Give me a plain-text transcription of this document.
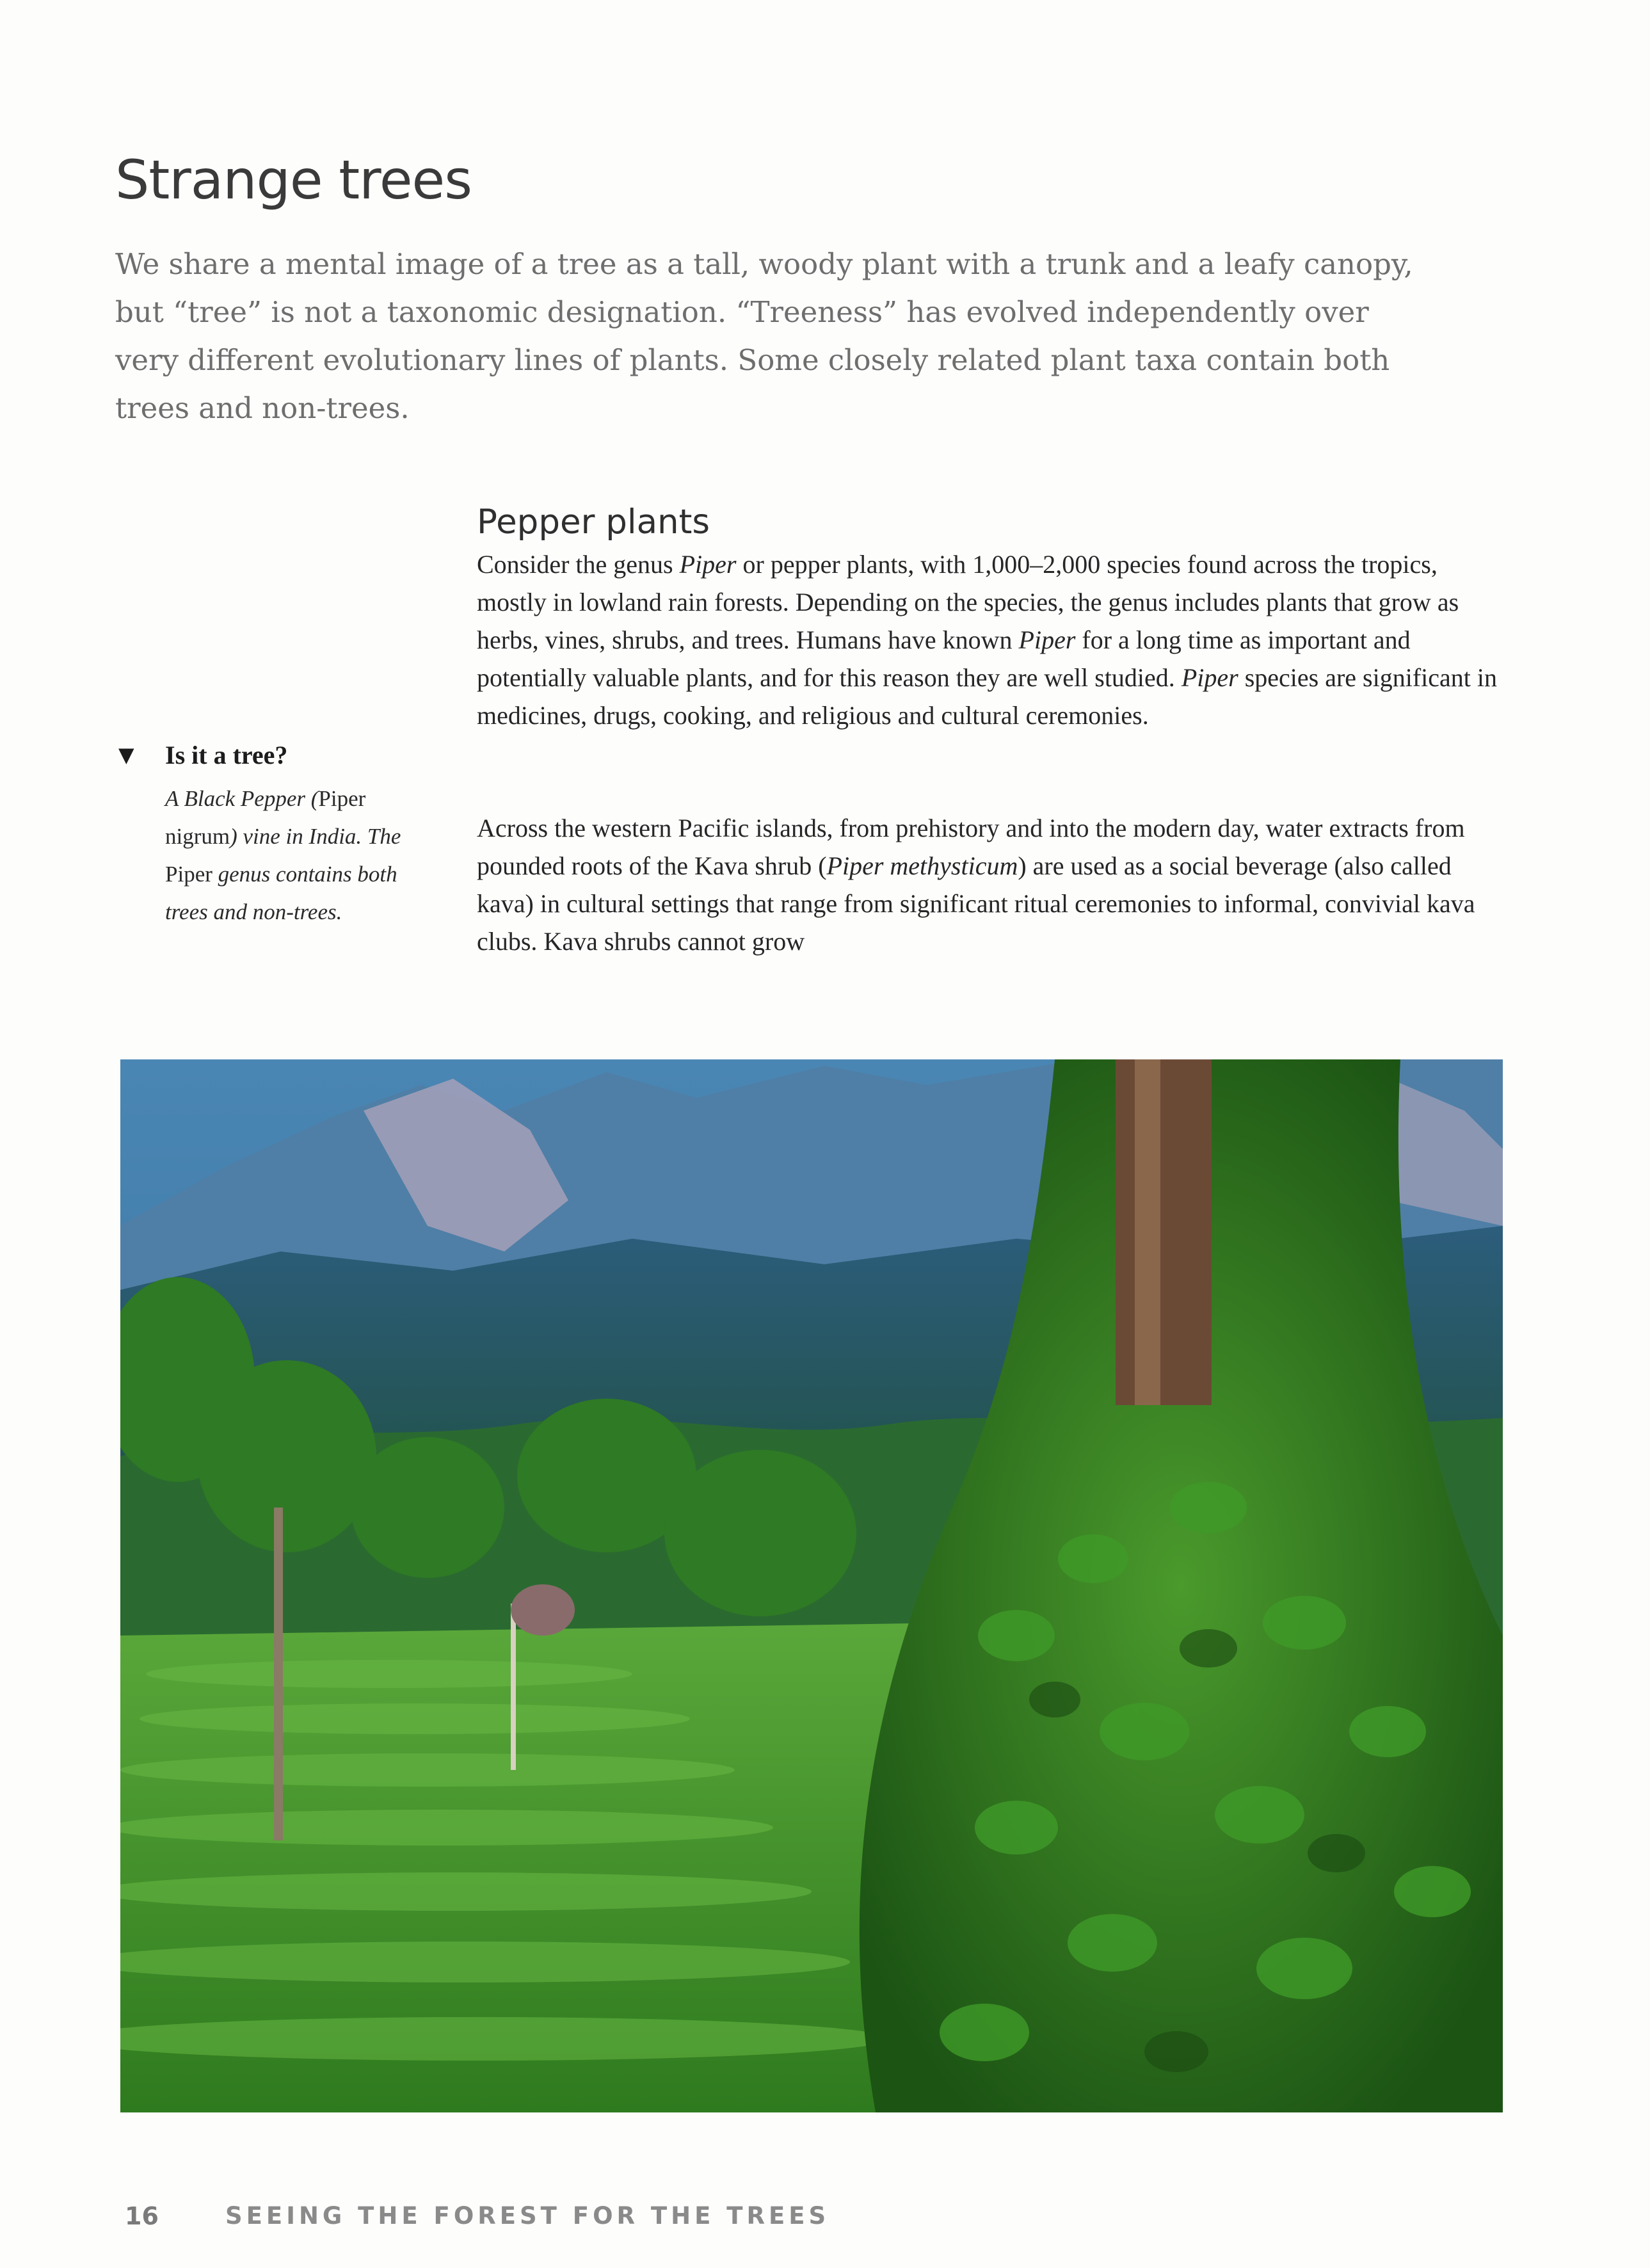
Strange trees

We share a mental image of a tree as a tall, woody plant with a trunk and a leafy canopy, but “tree” is not a taxonomic designation. “Treeness” has evolved independently over very different evolutionary lines of plants. Some closely related plant taxa contain both trees and non-trees.

Pepper plants

Consider the genus Piper or pepper plants, with 1,000–2,000 species found across the tropics, mostly in lowland rain forests. Depending on the species, the genus includes plants that grow as herbs, vines, shrubs, and trees. Humans have known Piper for a long time as important and potentially valuable plants, and for this reason they are well studied. Piper species are significant in medicines, drugs, cooking, and religious and cultural ceremonies.

Across the western Pacific islands, from prehistory and into the modern day, water extracts from pounded roots of the Kava shrub (Piper methysticum) are used as a social beverage (also called kava) in cultural settings that range from significant ritual ceremonies to informal, convivial kava clubs. Kava shrubs cannot grow

▼ Is it a tree?

A Black Pepper (Piper nigrum) vine in India. The Piper genus contains both trees and non-trees.

16	SEEING THE FOREST FOR THE TREES
